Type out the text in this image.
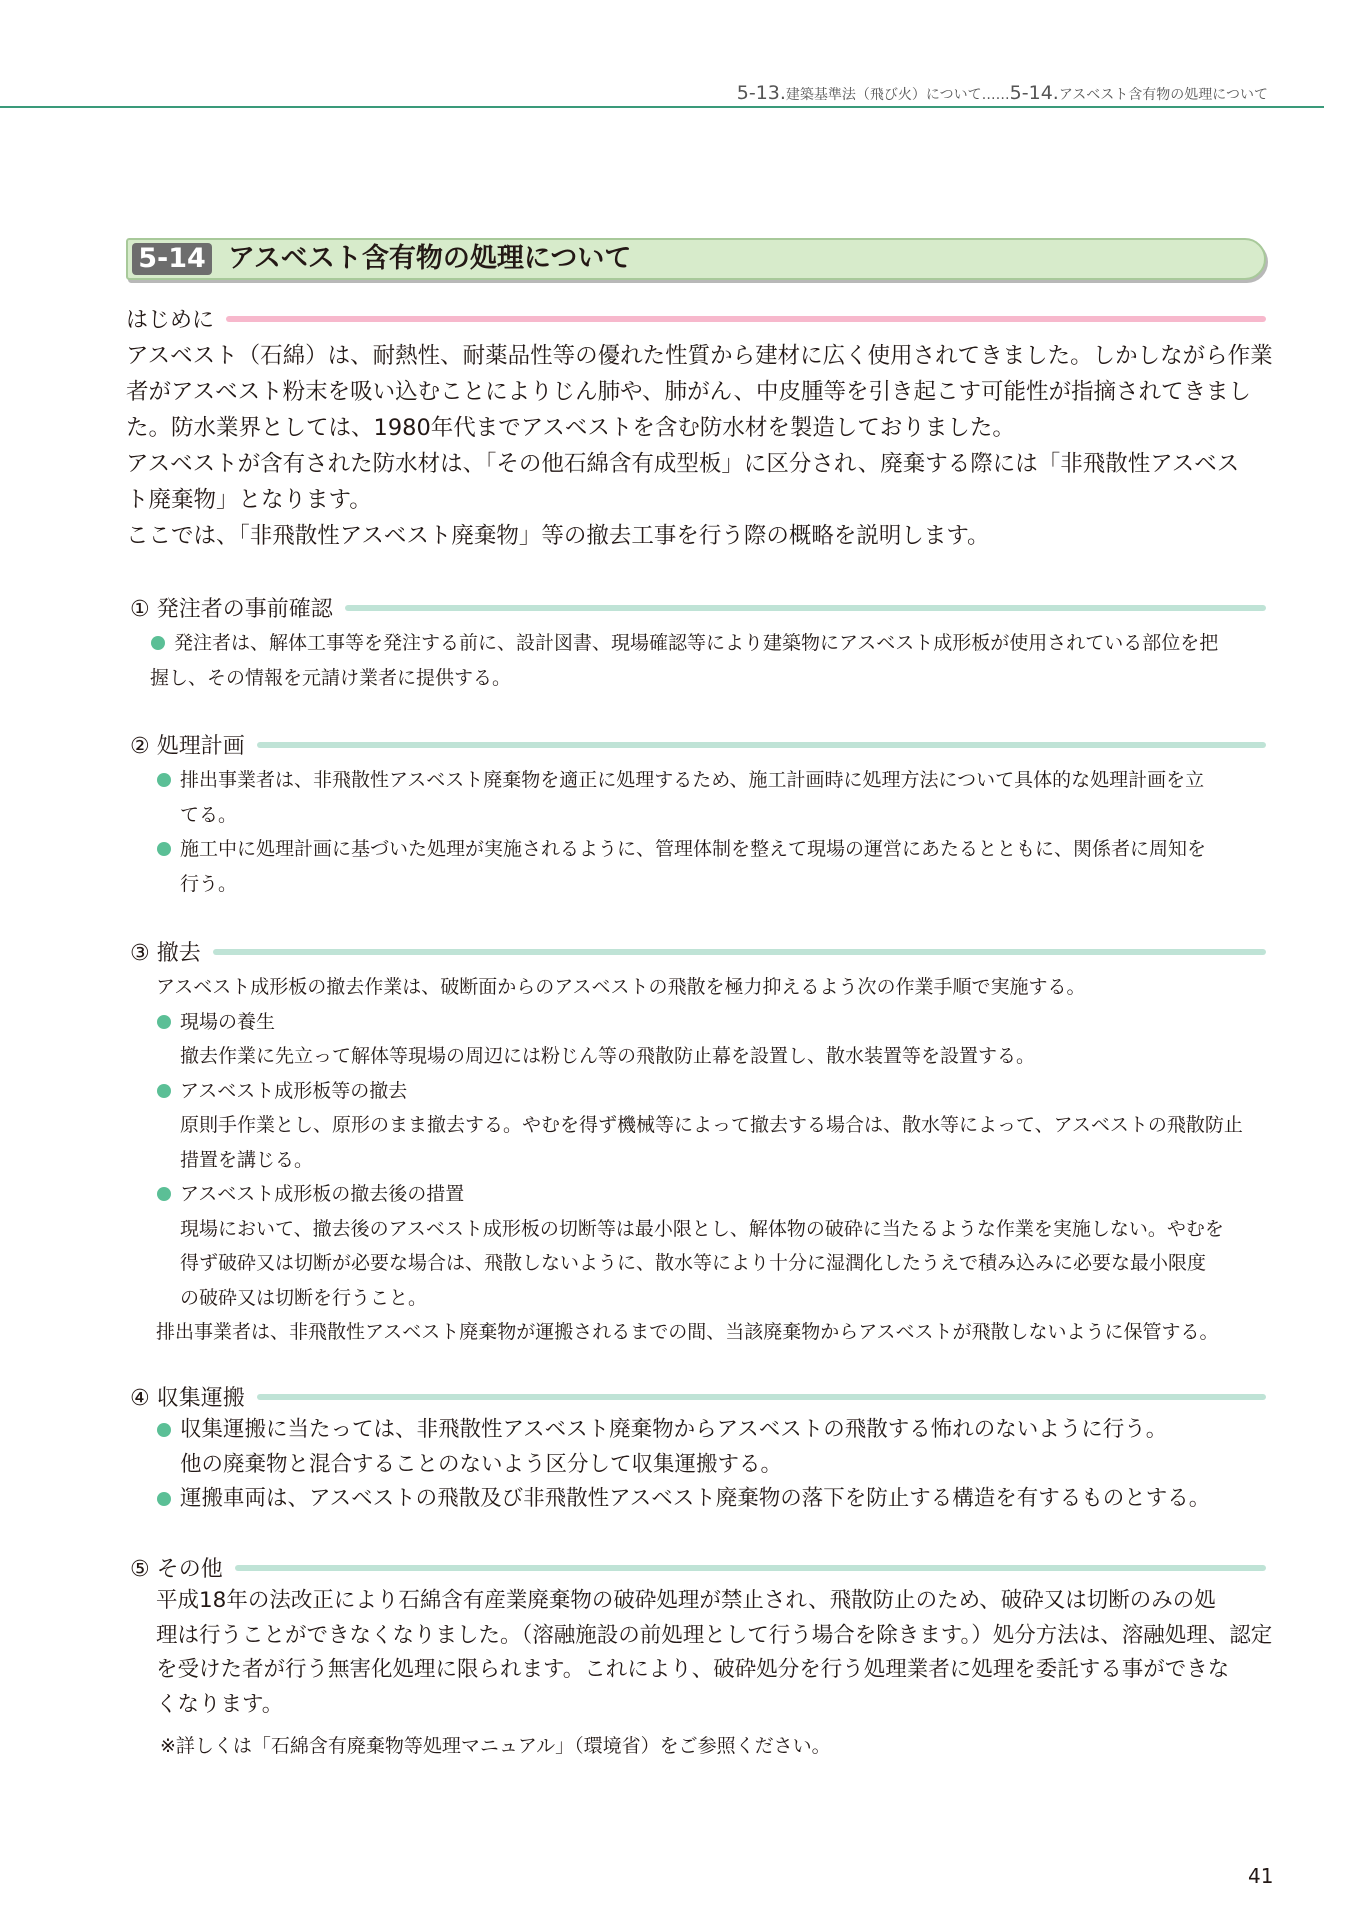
5-13.建築基準法（飛び火）について……5-14.アスベスト含有物の処理について
5-14 アスベスト含有物の処理について
はじめに

アスベスト（石綿）は、耐熱性、耐薬品性等の優れた性質から建材に広く使用されてきました。しかしながら作業

者がアスベスト粉末を吸い込むことによりじん肺や、肺がん、中皮腫等を引き起こす可能性が指摘されてきまし

た。防水業界としては、1980年代までアスベストを含む防水材を製造しておりました。

アスベストが含有された防水材は、「その他石綿含有成型板」に区分され、廃棄する際には「非飛散性アスベス

ト廃棄物」となります。

ここでは、「非飛散性アスベスト廃棄物」等の撤去工事を行う際の概略を説明します。

① 発注者の事前確認

発注者は、解体工事等を発注する前に、設計図書、現場確認等により建築物にアスベスト成形板が使用されている部位を把

握し、その情報を元請け業者に提供する。

② 処理計画

排出事業者は、非飛散性アスベスト廃棄物を適正に処理するため、施工計画時に処理方法について具体的な処理計画を立

てる。

施工中に処理計画に基づいた処理が実施されるように、管理体制を整えて現場の運営にあたるとともに、関係者に周知を

行う。

③ 撤去

アスベスト成形板の撤去作業は、破断面からのアスベストの飛散を極力抑えるよう次の作業手順で実施する。

現場の養生

撤去作業に先立って解体等現場の周辺には粉じん等の飛散防止幕を設置し、散水装置等を設置する。

アスベスト成形板等の撤去

原則手作業とし、原形のまま撤去する。やむを得ず機械等によって撤去する場合は、散水等によって、アスベストの飛散防止

措置を講じる。

アスベスト成形板の撤去後の措置

現場において、撤去後のアスベスト成形板の切断等は最小限とし、解体物の破砕に当たるような作業を実施しない。やむを

得ず破砕又は切断が必要な場合は、飛散しないように、散水等により十分に湿潤化したうえで積み込みに必要な最小限度

の破砕又は切断を行うこと。

排出事業者は、非飛散性アスベスト廃棄物が運搬されるまでの間、当該廃棄物からアスベストが飛散しないように保管する。

④ 収集運搬

収集運搬に当たっては、非飛散性アスベスト廃棄物からアスベストの飛散する怖れのないように行う。

他の廃棄物と混合することのないよう区分して収集運搬する。

運搬車両は、アスベストの飛散及び非飛散性アスベスト廃棄物の落下を防止する構造を有するものとする。

⑤ その他

平成18年の法改正により石綿含有産業廃棄物の破砕処理が禁止され、飛散防止のため、破砕又は切断のみの処

理は行うことができなくなりました。（溶融施設の前処理として行う場合を除きます。）処分方法は、溶融処理、認定

を受けた者が行う無害化処理に限られます。これにより、破砕処分を行う処理業者に処理を委託する事ができな

くなります。

※詳しくは「石綿含有廃棄物等処理マニュアル」（環境省）をご参照ください。

41
